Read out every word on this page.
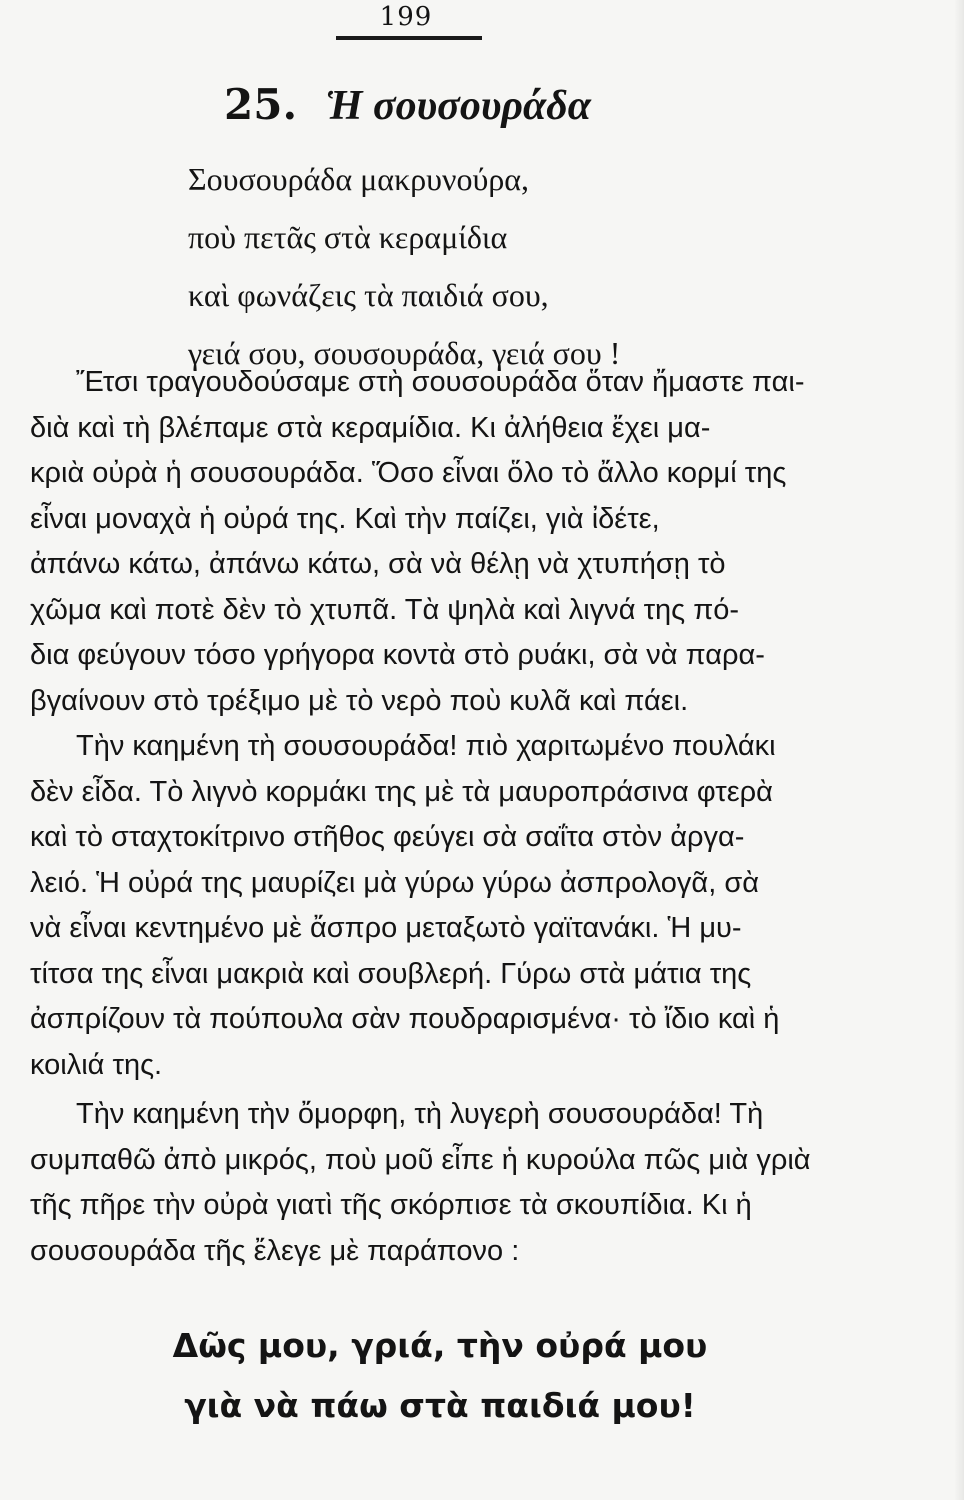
199
25. Ἡ σουσουράδα
Σουσουράδα μακρυνούρα,
ποὺ πετᾶς στὰ κεραμίδια
καὶ φωνάζεις τὰ παιδιά σου,
γειά σου, σουσουράδα, γειά σου !
Ἔτσι τραγουδούσαμε στὴ σουσουράδα ὅταν ἤμαστε παι-
διὰ καὶ τὴ βλέπαμε στὰ κεραμίδια. Κι ἀλήθεια ἔχει μα-
κριὰ οὐρὰ ἡ σουσουράδα. Ὅσο εἶναι ὅλο τὸ ἄλλο κορμί της
εἶναι μοναχὰ ἡ οὐρά της. Καὶ τὴν παίζει, γιὰ ἰδέτε,
ἀπάνω κάτω, ἀπάνω κάτω, σὰ νὰ θέλῃ νὰ χτυπήσῃ τὸ
χῶμα καὶ ποτὲ δὲν τὸ χτυπᾶ. Τὰ ψηλὰ καὶ λιγνά της πό-
δια φεύγουν τόσο γρήγορα κοντὰ στὸ ρυάκι, σὰ νὰ παρα-
βγαίνουν στὸ τρέξιμο μὲ τὸ νερὸ ποὺ κυλᾶ καὶ πάει.
Τὴν καημένη τὴ σουσουράδα! πιὸ χαριτωμένο πουλάκι
δὲν εἶδα. Τὸ λιγνὸ κορμάκι της μὲ τὰ μαυροπράσινα φτερὰ
καὶ τὸ σταχτοκίτρινο στῆθος φεύγει σὰ σαΐτα στὸν ἀργα-
λειό. Ἡ οὐρά της μαυρίζει μὰ γύρω γύρω ἀσπρολογᾶ, σὰ
νὰ εἶναι κεντημένο μὲ ἄσπρο μεταξωτὸ γαϊτανάκι. Ἡ μυ-
τίτσα της εἶναι μακριὰ καὶ σουβλερή. Γύρω στὰ μάτια της
ἀσπρίζουν τὰ πούπουλα σὰν πουδραρισμένα· τὸ ἴδιο καὶ ἡ
κοιλιά της.
Τὴν καημένη τὴν ὄμορφη, τὴ λυγερὴ σουσουράδα! Τὴ
συμπαθῶ ἀπὸ μικρός, ποὺ μοῦ εἶπε ἡ κυρούλα πῶς μιὰ γριὰ
τῆς πῆρε τὴν οὐρὰ γιατὶ τῆς σκόρπισε τὰ σκουπίδια. Κι ἡ
σουσουράδα τῆς ἔλεγε μὲ παράπονο :
Δῶς μου, γριά, τὴν οὐρά μου
γιὰ νὰ πάω στὰ παιδιά μου!
